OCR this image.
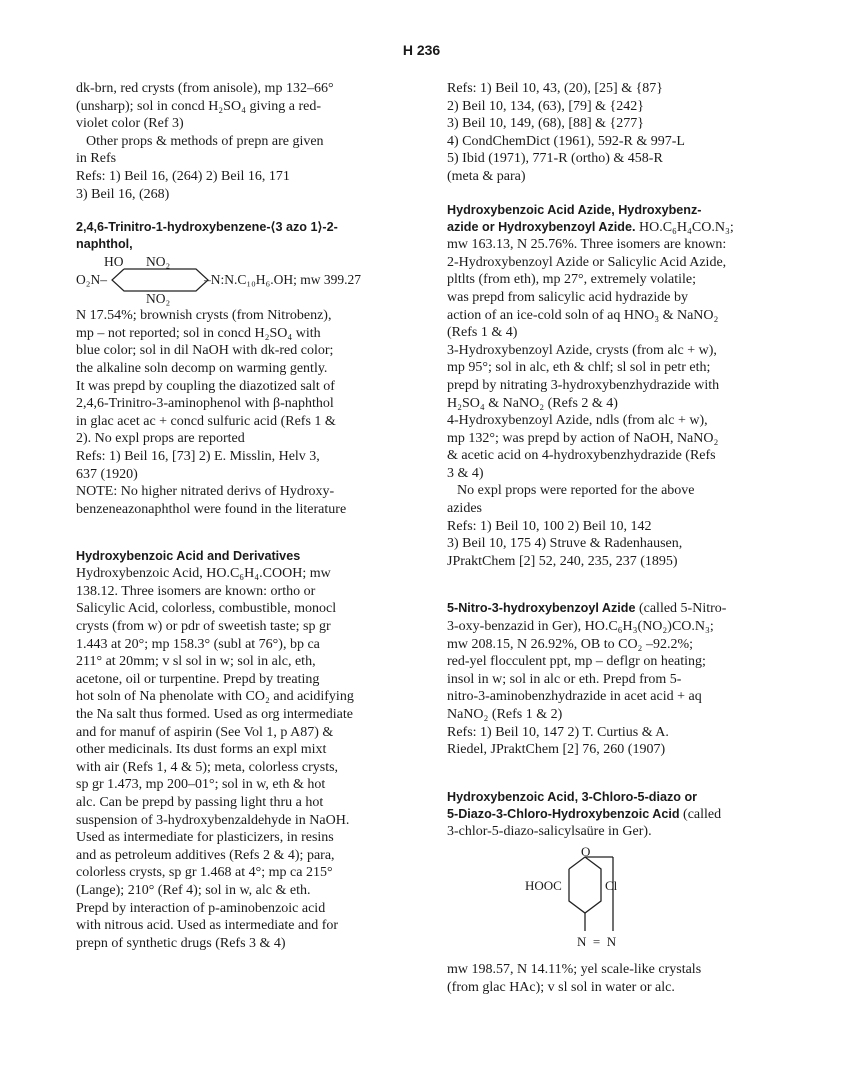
H 236

dk-brn, red crysts (from anisole), mp 132–66°

(unsharp); sol in concd H₂SO₄ giving a red-

violet color (Ref 3)

Other props & methods of prepn are given

in Refs

Refs: 1) Beil 16, (264) 2) Beil 16, 171

3) Beil 16, (268)

2,4,6-Trinitro-1-hydroxybenzene-⟨3 azo 1⟩-2-

naphthol,

HO NO₂
O₂N–	–N:N.C₁₀H₆.OH; mw 399.27
NO₂

N 17.54%; brownish crysts (from Nitrobenz),

mp – not reported; sol in concd H₂SO₄ with

blue color; sol in dil NaOH with dk-red color;

the alkaline soln decomp on warming gently.

It was prepd by coupling the diazotized salt of

2,4,6-Trinitro-3-aminophenol with β-naphthol

in glac acet ac + concd sulfuric acid (Refs 1 &

2). No expl props are reported

Refs: 1) Beil 16, [73] 2) E. Misslin, Helv 3,

637 (1920)

NOTE: No higher nitrated derivs of Hydroxy-

benzeneazonaphthol were found in the literature

Hydroxybenzoic Acid and Derivatives

Hydroxybenzoic Acid, HO.C₆H₄.COOH; mw

138.12. Three isomers are known: ortho or

Salicylic Acid, colorless, combustible, monocl

crysts (from w) or pdr of sweetish taste; sp gr

1.443 at 20°; mp 158.3° (subl at 76°), bp ca

211° at 20mm; v sl sol in w; sol in alc, eth,

acetone, oil or turpentine. Prepd by treating

hot soln of Na phenolate with CO₂ and acidifying

the Na salt thus formed. Used as org intermediate

and for manuf of aspirin (See Vol 1, p A87) &

other medicinals. Its dust forms an expl mixt

with air (Refs 1, 4 & 5); meta, colorless crysts,

sp gr 1.473, mp 200–01°; sol in w, eth & hot

alc. Can be prepd by passing light thru a hot

suspension of 3-hydroxybenzaldehyde in NaOH.

Used as intermediate for plasticizers, in resins

and as petroleum additives (Refs 2 & 4); para,

colorless crysts, sp gr 1.468 at 4°; mp ca 215°

(Lange); 210° (Ref 4); sol in w, alc & eth.

Prepd by interaction of p-aminobenzoic acid

with nitrous acid. Used as intermediate and for

prepn of synthetic drugs (Refs 3 & 4)

Refs: 1) Beil 10, 43, (20), [25] & {87}

2) Beil 10, 134, (63), [79] & {242}

3) Beil 10, 149, (68), [88] & {277}

4) CondChemDict (1961), 592-R & 997-L

5) Ibid (1971), 771-R (ortho) & 458-R

(meta & para)

Hydroxybenzoic Acid Azide, Hydroxybenz-

azide or Hydroxybenzoyl Azide. HO.C₆H₄CO.N₃;

mw 163.13, N 25.76%. Three isomers are known:

2-Hydroxybenzoyl Azide or Salicylic Acid Azide,

pltlts (from eth), mp 27°, extremely volatile;

was prepd from salicylic acid hydrazide by

action of an ice-cold soln of aq HNO₃ & NaNO₂

(Refs 1 & 4)

3-Hydroxybenzoyl Azide, crysts (from alc + w),

mp 95°; sol in alc, eth & chlf; sl sol in petr eth;

prepd by nitrating 3-hydroxybenzhydrazide with

H₂SO₄ & NaNO₂ (Refs 2 & 4)

4-Hydroxybenzoyl Azide, ndls (from alc + w),

mp 132°; was prepd by action of NaOH, NaNO₂

& acetic acid on 4-hydroxybenzhydrazide (Refs

3 & 4)

No expl props were reported for the above

azides

Refs: 1) Beil 10, 100 2) Beil 10, 142

3) Beil 10, 175 4) Struve & Radenhausen,

JPraktChem [2] 52, 240, 235, 237 (1895)

5-Nitro-3-hydroxybenzoyl Azide (called 5-Nitro-

3-oxy-benzazid in Ger), HO.C₆H₃(NO₂)CO.N₃;

mw 208.15, N 26.92%, OB to CO₂ –92.2%;

red-yel flocculent ppt, mp – deflgr on heating;

insol in w; sol in alc or eth. Prepd from 5-

nitro-3-aminobenzhydrazide in acet acid + aq

NaNO₂ (Refs 1 & 2)

Refs: 1) Beil 10, 147 2) T. Curtius & A.

Riedel, JPraktChem [2] 76, 260 (1907)

Hydroxybenzoic Acid, 3-Chloro-5-diazo or

5-Diazo-3-Chloro-Hydroxybenzoic Acid (called

3-chlor-5-diazo-salicylsaüre in Ger).

O
HOOC	Cl
N  =  N

mw 198.57, N 14.11%; yel scale-like crystals

(from glac HAc); v sl sol in water or alc.
